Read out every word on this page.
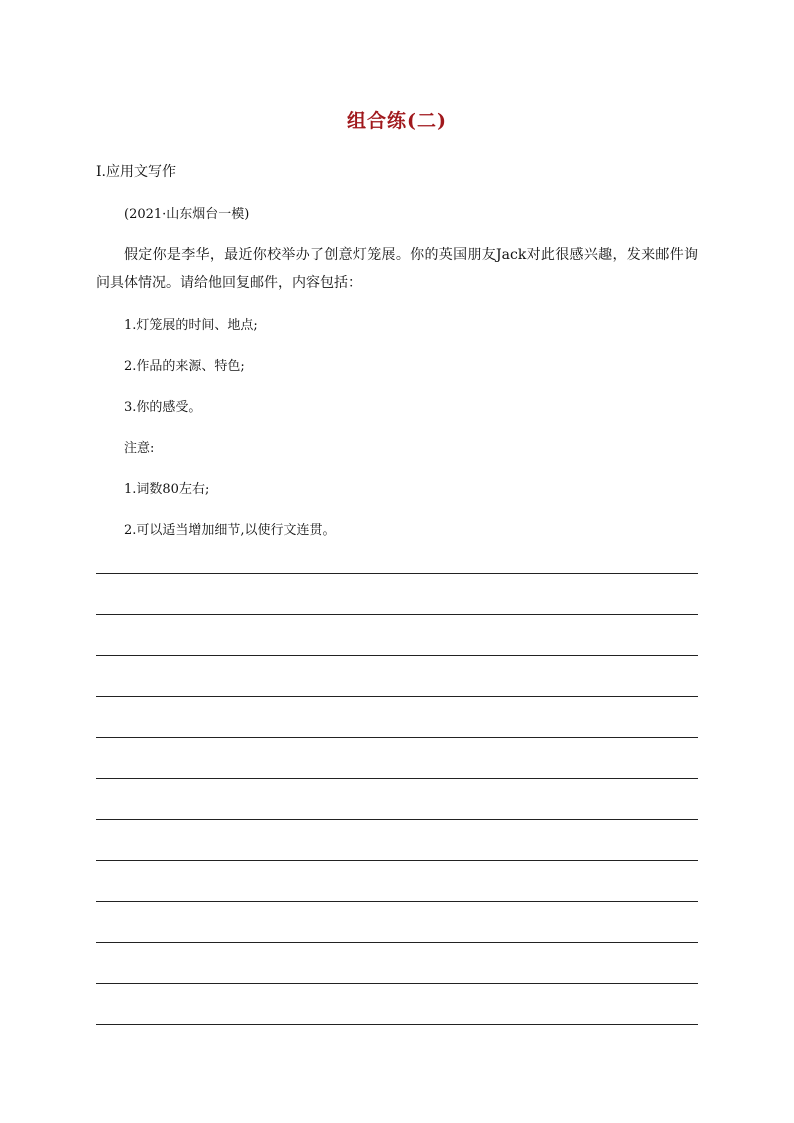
组合练(二)
Ⅰ.应用文写作
(2021·山东烟台一模)
假定你是李华，最近你校举办了创意灯笼展。你的英国朋友Jack对此很感兴趣，发来邮件询问具体情况。请给他回复邮件，内容包括：
1.灯笼展的时间、地点;
2.作品的来源、特色;
3.你的感受。
注意:
1.词数80左右;
2.可以适当增加细节,以使行文连贯。
